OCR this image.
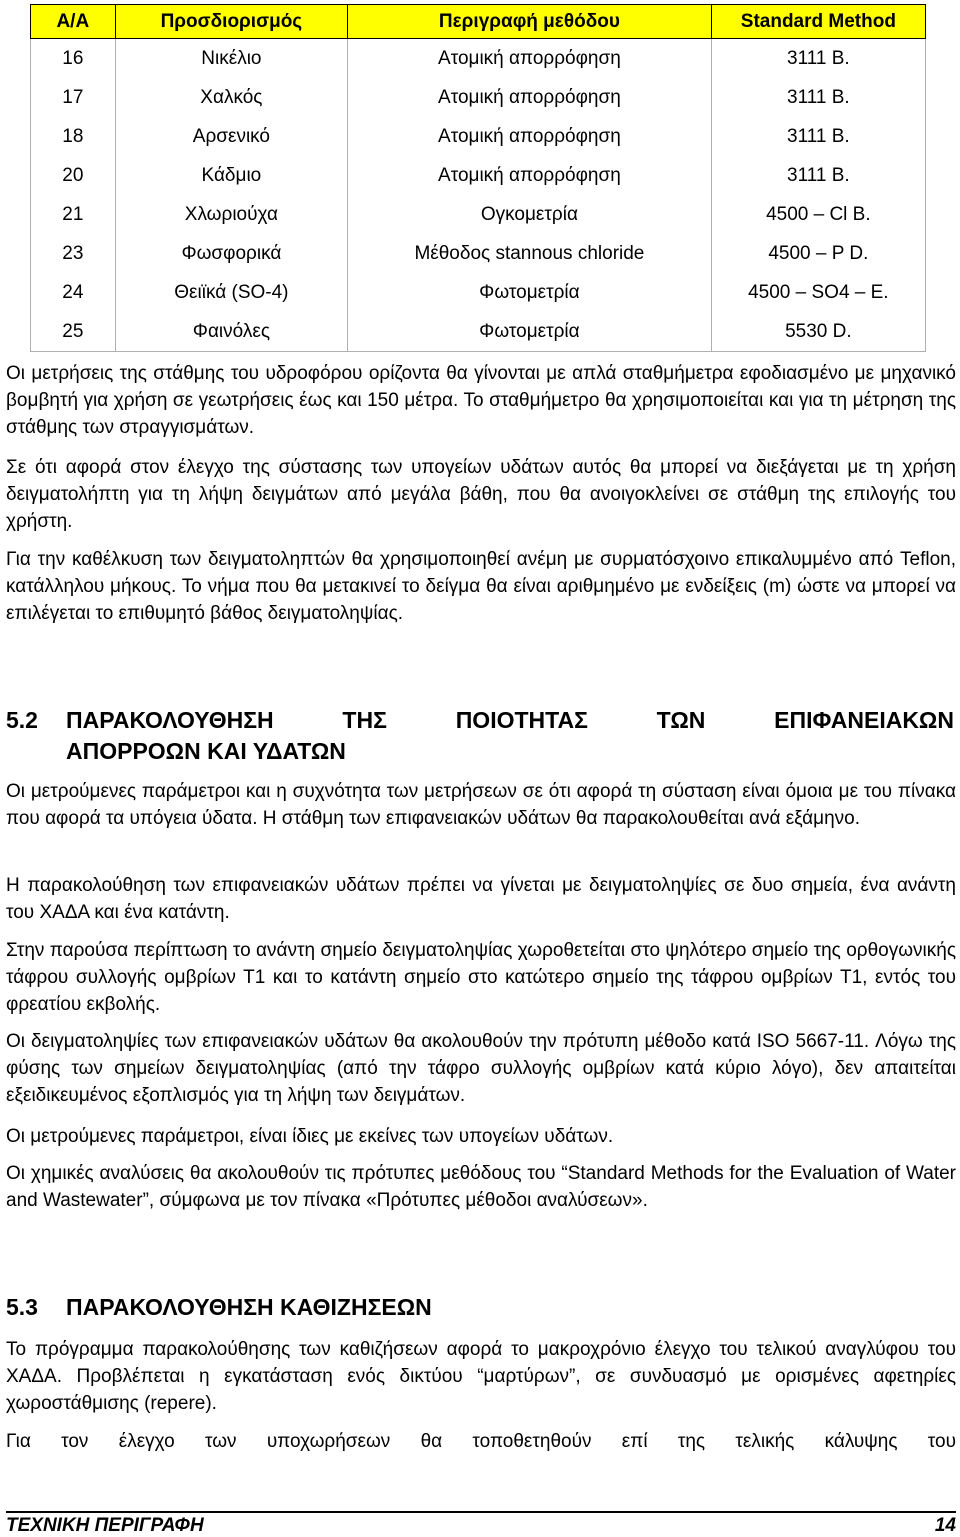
Α/Α	Προσδιορισμός	Περιγραφή μεθόδου	Standard Method
16	Νικέλιο	Ατομική απορρόφηση	3111 Β.
17	Χαλκός	Ατομική απορρόφηση	3111 Β.
18	Αρσενικό	Ατομική απορρόφηση	3111 Β.
20	Κάδμιο	Ατομική απορρόφηση	3111 Β.
21	Χλωριούχα	Ογκομετρία	4500 – Cl B.
23	Φωσφορικά	Μέθοδος stannous chloride	4500 – P D.
24	Θειϊκά (SO-4)	Φωτομετρία	4500 – SO4 – E.
25	Φαινόλες	Φωτομετρία	5530 D.

Οι μετρήσεις της στάθμης του υδροφόρου ορίζοντα θα γίνονται με απλά σταθμήμετρα εφοδιασμένο με μηχανικό βομβητή για χρήση σε γεωτρήσεις έως και 150 μέτρα. Το σταθμήμετρο θα χρησιμοποιείται και για τη μέτρηση της στάθμης των στραγγισμάτων.

Σε ότι αφορά στον έλεγχο της σύστασης των υπογείων υδάτων αυτός θα μπορεί να διεξάγεται με τη χρήση δειγματολήπτη για τη λήψη δειγμάτων από μεγάλα βάθη, που θα ανοιγοκλείνει σε στάθμη της επιλογής του χρήστη.

Για την καθέλκυση των δειγματοληπτών θα χρησιμοποιηθεί ανέμη με συρματόσχοινο επικαλυμμένο από Teflon, κατάλληλου μήκους. Το νήμα που θα μετακινεί το δείγμα θα είναι αριθμημένο με ενδείξεις (m) ώστε να μπορεί να επιλέγεται το επιθυμητό βάθος δειγματοληψίας.

5.2 ΠΑΡΑΚΟΛΟΥΘΗΣΗ ΤΗΣ ΠΟΙΟΤΗΤΑΣ ΤΩΝ ΕΠΙΦΑΝΕΙΑΚΩΝ
ΑΠΟΡΡΟΩΝ ΚΑΙ ΥΔΑΤΩΝ

Οι μετρούμενες παράμετροι και η συχνότητα των μετρήσεων σε ότι αφορά τη σύσταση είναι όμοια με του πίνακα που αφορά τα υπόγεια ύδατα. Η στάθμη των επιφανειακών υδάτων θα παρακολουθείται ανά εξάμηνο.

Η παρακολούθηση των επιφανειακών υδάτων πρέπει να γίνεται με δειγματοληψίες σε δυο σημεία, ένα ανάντη του ΧΑΔΑ και ένα κατάντη.

Στην παρούσα περίπτωση το ανάντη σημείο δειγματοληψίας χωροθετείται στο ψηλότερο σημείο της ορθογωνικής τάφρου συλλογής ομβρίων Τ1 και το κατάντη σημείο στο κατώτερο σημείο της τάφρου ομβρίων Τ1, εντός του φρεατίου εκβολής.

Οι δειγματοληψίες των επιφανειακών υδάτων θα ακολουθούν την πρότυπη μέθοδο κατά ISO 5667-11. Λόγω της φύσης των σημείων δειγματοληψίας (από την τάφρο συλλογής ομβρίων κατά κύριο λόγο), δεν απαιτείται εξειδικευμένος εξοπλισμός για τη λήψη των δειγμάτων.

Οι μετρούμενες παράμετροι, είναι ίδιες με εκείνες των υπογείων υδάτων.

Οι χημικές αναλύσεις θα ακολουθούν τις πρότυπες μεθόδους του “Standard Methods for the Evaluation of Water and Wastewater”, σύμφωνα με τον πίνακα «Πρότυπες μέθοδοι αναλύσεων».

5.3 ΠΑΡΑΚΟΛΟΥΘΗΣΗ ΚΑΘΙΖΗΣΕΩΝ

Το πρόγραμμα παρακολούθησης των καθιζήσεων αφορά το μακροχρόνιο έλεγχο του τελικού αναγλύφου του ΧΑΔΑ. Προβλέπεται η εγκατάσταση ενός δικτύου “μαρτύρων”, σε συνδυασμό με ορισμένες αφετηρίες χωροστάθμισης (repere).

Για τον έλεγχο των υποχωρήσεων θα τοποθετηθούν επί της τελικής κάλυψης του

ΤΕΧΝΙΚΗ ΠΕΡΙΓΡΑΦΗ	14
